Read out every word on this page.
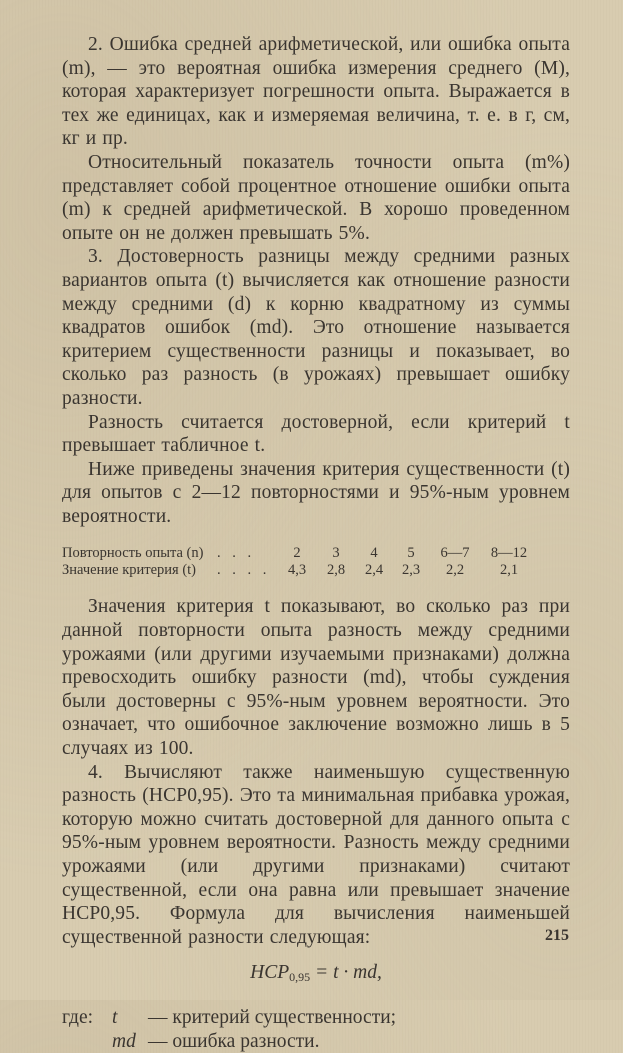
2. Ошибка средней арифметической, или ошибка опыта (m), — это вероятная ошибка измерения среднего (M), которая характеризует погрешности опыта. Выражается в тех же единицах, как и измеряемая величина, т. е. в г, см, кг и пр.

Относительный показатель точности опыта (m%) представляет собой процентное отношение ошибки опыта (m) к средней арифметической. В хорошо проведенном опыте он не должен превышать 5%.

3. Достоверность разницы между средними разных вариантов опыта (t) вычисляется как отношение разности между средними (d) к корню квадратному из суммы квадратов ошибок (md). Это отношение называется критерием существенности разницы и показывает, во сколько раз разность (в урожаях) превышает ошибку разности.

Разность считается достоверной, если критерий t превышает табличное t.

Ниже приведены значения критерия существенности (t) для опытов с 2—12 повторностями и 95%-ным уровнем вероятности.

Повторность опыта (n) . . .	2	3	4	5	6—7	8—12
Значение критерия (t)	. . . .	4,3	2,8	2,4	2,3	2,2	2,1

Значения критерия t показывают, во сколько раз при данной повторности опыта разность между средними урожаями (или другими изучаемыми признаками) должна превосходить ошибку разности (md), чтобы суждения были достоверны с 95%-ным уровнем вероятности. Это означает, что ошибочное заключение возможно лишь в 5 случаях из 100.

4. Вычисляют также наименьшую существенную разность (НСР0,95). Это та минимальная прибавка урожая, которую можно считать достоверной для данного опыта с 95%-ным уровнем вероятности. Разность между средними урожаями (или другими признаками) считают существенной, если она равна или превышает значение НСР0,95. Формула для вычисления наименьшей существенной разности следующая:

$НСР_{0,95} = t$ · md,
где: t	— критерий существенности;
md — ошибка разности.
215
